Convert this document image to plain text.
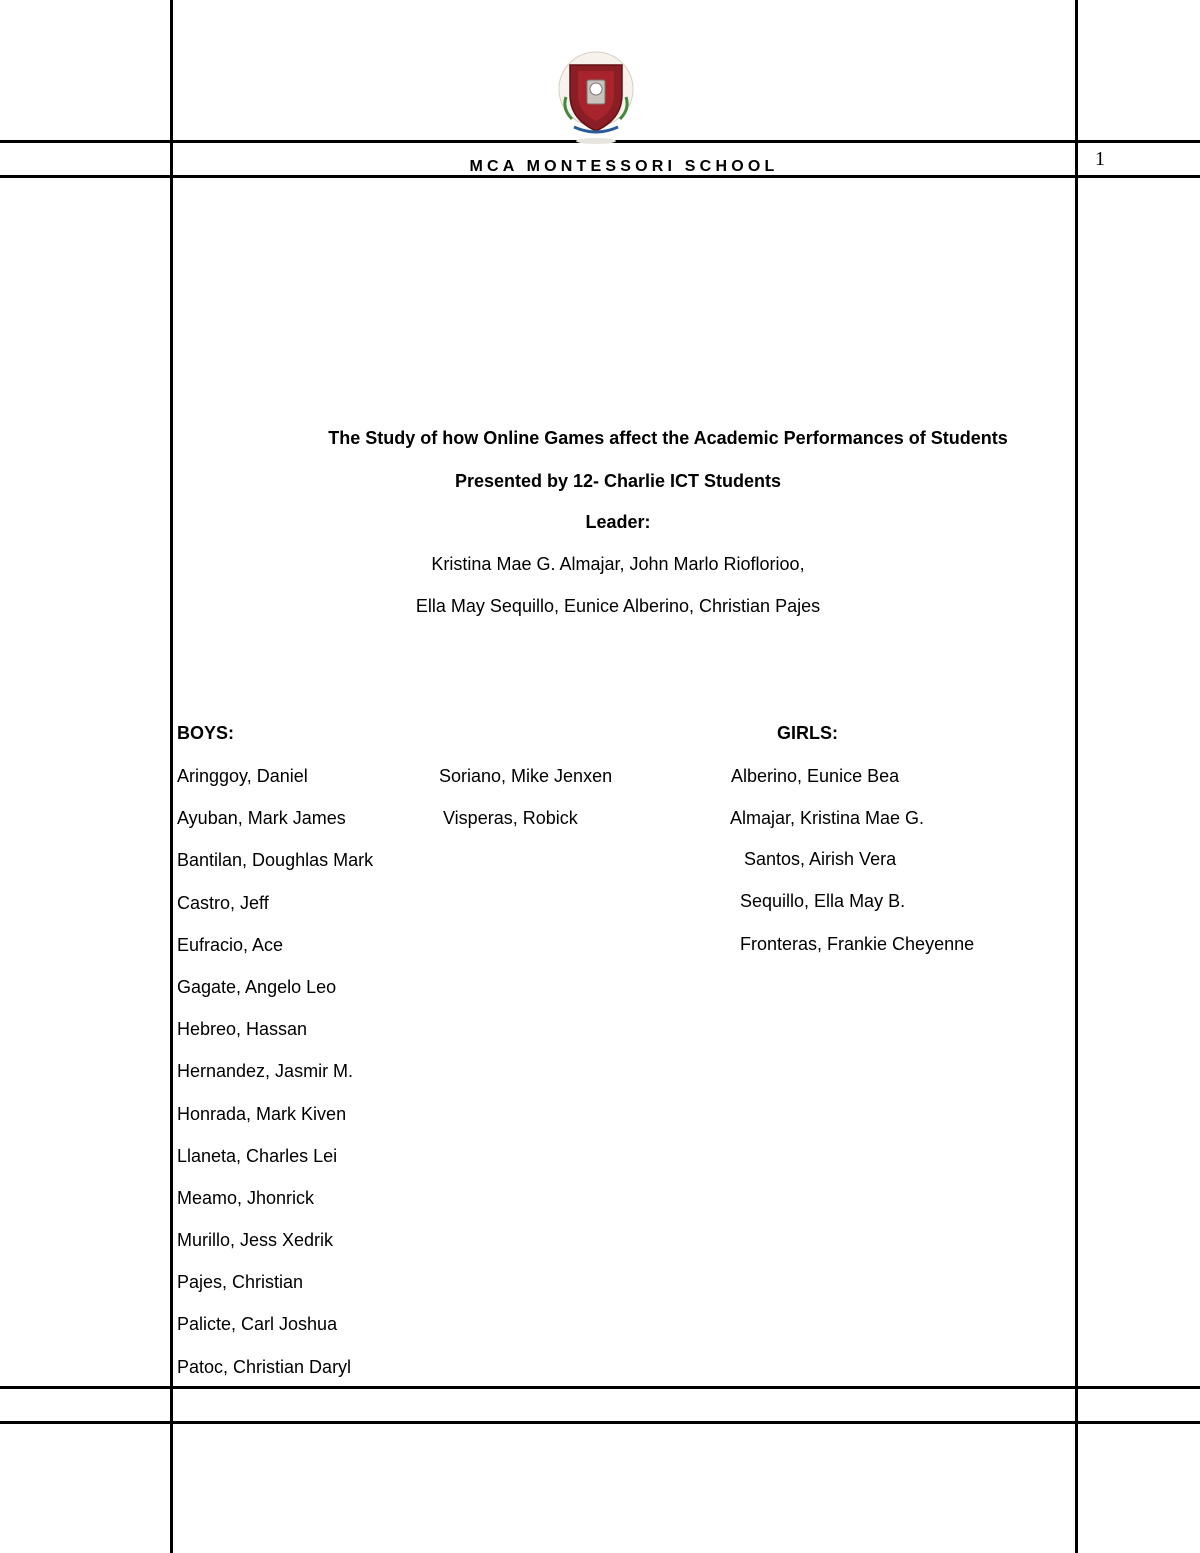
MCA MONTESSORI SCHOOL	1
The Study of how Online Games affect the Academic Performances of Students
Presented by 12- Charlie ICT Students
Leader:
Kristina Mae G. Almajar, John Marlo Rioflorioo,
Ella May Sequillo, Eunice Alberino, Christian Pajes
BOYS:	GIRLS:
Aringgoy, Daniel
Ayuban, Mark James
Bantilan, Doughlas Mark
Castro, Jeff
Eufracio, Ace
Gagate, Angelo Leo
Hebreo, Hassan
Hernandez, Jasmir M.
Honrada, Mark Kiven
Llaneta, Charles Lei
Meamo, Jhonrick
Murillo, Jess Xedrik
Pajes, Christian
Palicte, Carl Joshua
Patoc, Christian Daryl
Soriano, Mike Jenxen
Visperas, Robick
Alberino, Eunice Bea
Almajar, Kristina Mae G.
Santos, Airish Vera
Sequillo, Ella May B.
Fronteras, Frankie Cheyenne
